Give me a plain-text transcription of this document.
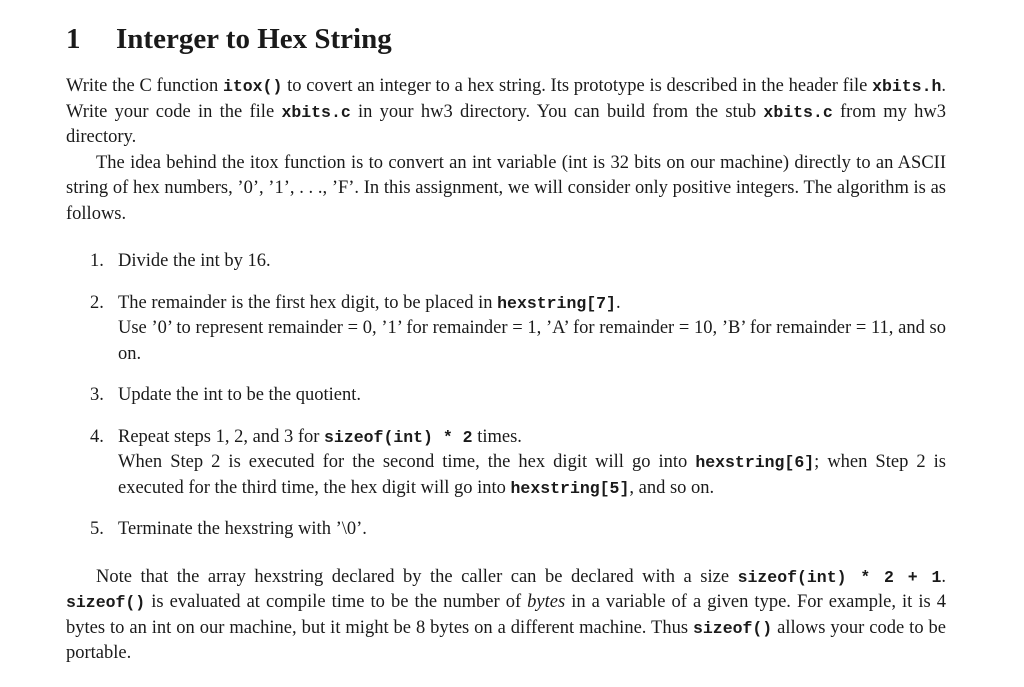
1 Interger to Hex String

Write the C function itox() to covert an integer to a hex string. Its prototype is described in the header file xbits.h. Write your code in the file xbits.c in your hw3 directory. You can build from the stub xbits.c from my hw3 directory.

The idea behind the itox function is to convert an int variable (int is 32 bits on our machine) directly to an ASCII string of hex numbers, ’0’, ’1’, . . ., ’F’. In this assignment, we will consider only positive integers. The algorithm is as follows.

1. Divide the int by 16.
2. The remainder is the first hex digit, to be placed in hexstring[7].
Use ’0’ to represent remainder = 0, ’1’ for remainder = 1, ’A’ for remainder = 10, ’B’ for remainder = 11, and so on.
3. Update the int to be the quotient.
4. Repeat steps 1, 2, and 3 for sizeof(int) * 2 times.
When Step 2 is executed for the second time, the hex digit will go into hexstring[6]; when Step 2 is executed for the third time, the hex digit will go into hexstring[5], and so on.
5. Terminate the hexstring with ’\0’.

Note that the array hexstring declared by the caller can be declared with a size sizeof(int) * 2 + 1. sizeof() is evaluated at compile time to be the number of bytes in a variable of a given type. For example, it is 4 bytes to an int on our machine, but it might be 8 bytes on a different machine. Thus sizeof() allows your code to be portable.
